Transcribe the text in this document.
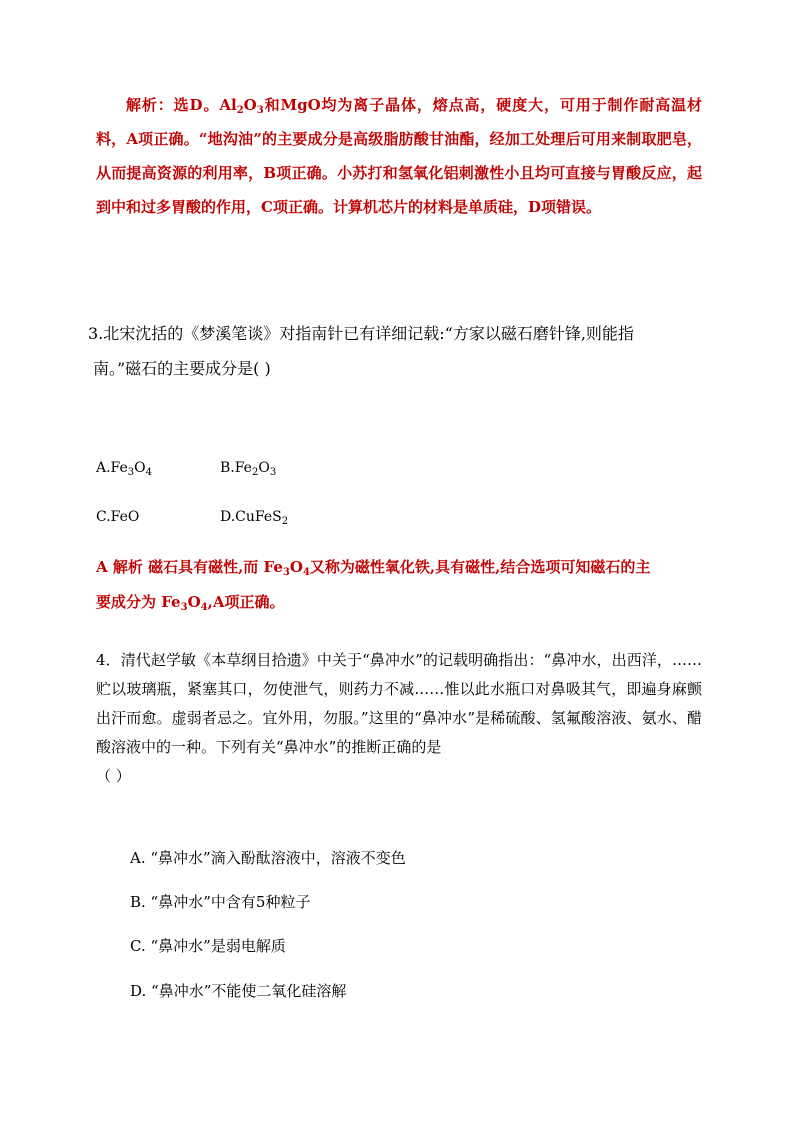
解析：选D。$Al_2O_3$和MgO均为离子晶体，熔点高，硬度大，可用于制作耐高温材料，A项正确。“地沟油”的主要成分是高级脂肪酸甘油酯，经加工处理后可用来制取肥皂，从而提高资源的利用率，B项正确。小苏打和氢氧化铝刺激性小且均可直接与胃酸反应，起到中和过多胃酸的作用，C项正确。计算机芯片的材料是单质硅，D项错误。
3.北宋沈括的《梦溪笔谈》对指南针已有详细记载:“方家以磁石磨针锋,则能指
南。”磁石的主要成分是( )
$A.Fe_3O_4$	$B.Fe_2O_3$
C.FeO	D.CuFeS$_2$
A 解析 磁石具有磁性,而 $Fe_3O_4$又称为磁性氧化铁,具有磁性,结合选项可知磁石的主
要成分为 $Fe_3O_4,A$项正确。
4．清代赵学敏《本草纲目拾遗》中关于“鼻冲水”的记载明确指出：“鼻冲水，出西洋，……贮以玻璃瓶，紧塞其口，勿使泄气，则药力不减……惟以此水瓶口对鼻吸其气，即遍身麻颤出汗而愈。虚弱者忌之。宜外用，勿服。”这里的“鼻冲水”是稀硫酸、氢氟酸溶液、氨水、醋酸溶液中的一种。下列有关“鼻冲水”的推断正确的是
（ ）
A. “鼻冲水”滴入酚酞溶液中，溶液不变色
B. “鼻冲水”中含有5种粒子
C. “鼻冲水”是弱电解质
D. “鼻冲水”不能使二氧化硅溶解
